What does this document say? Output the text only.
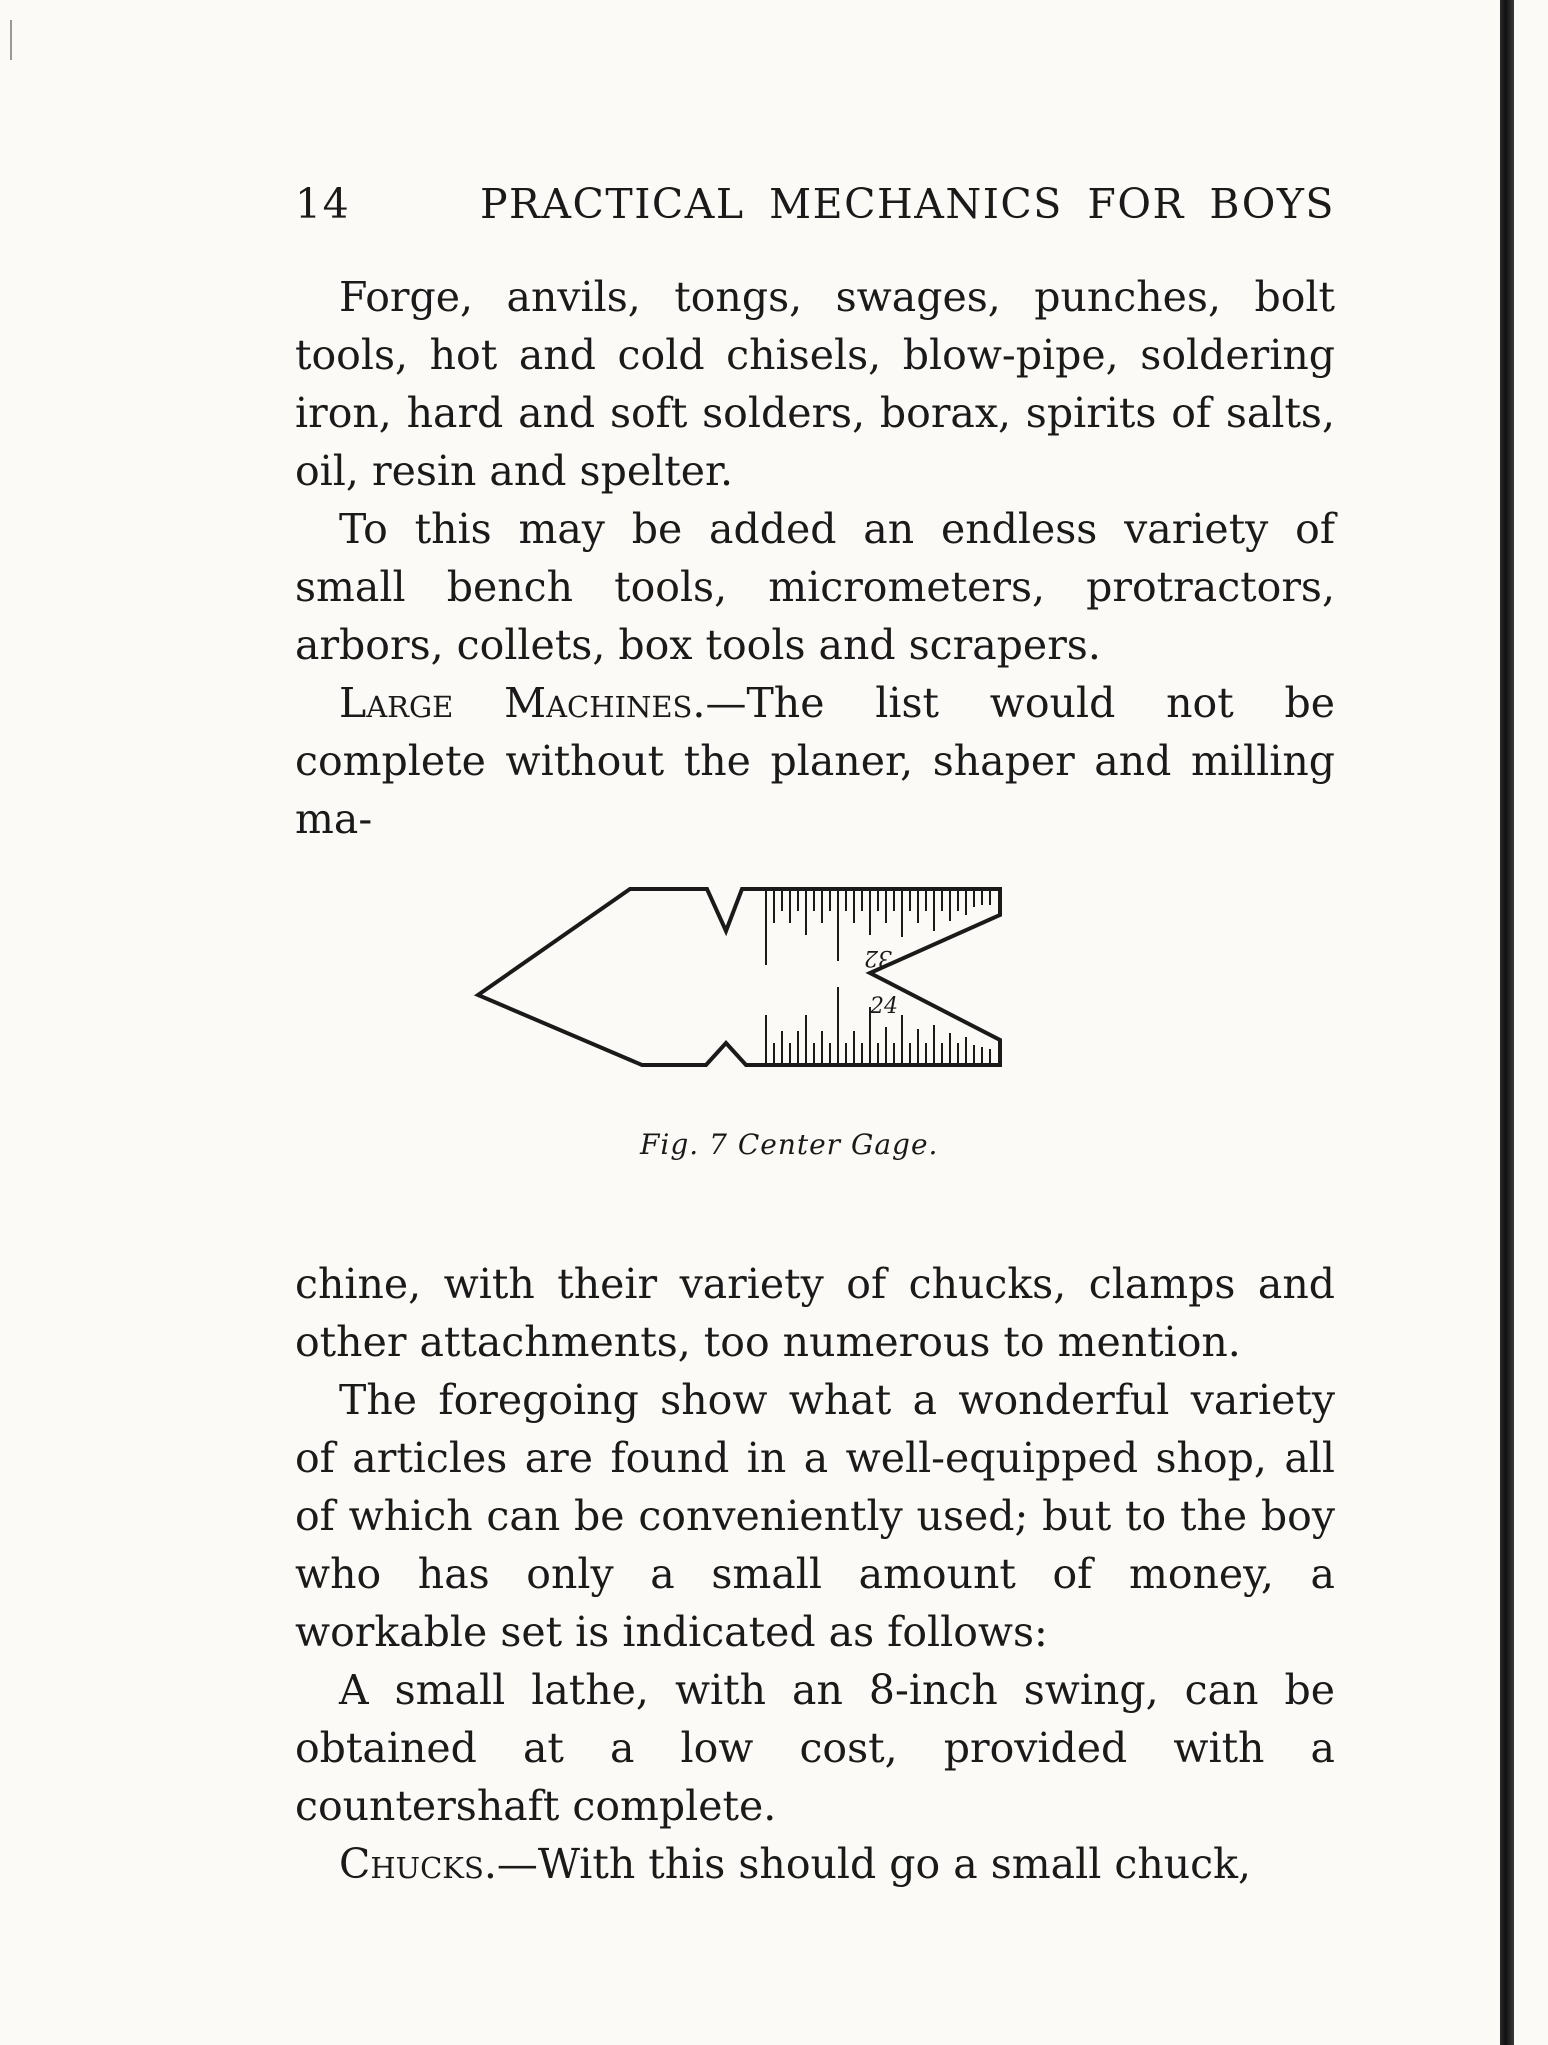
14	PRACTICAL MECHANICS FOR BOYS

Forge, anvils, tongs, swages, punches, bolt tools, hot and cold chisels, blow-pipe, soldering iron, hard and soft solders, borax, spirits of salts, oil, resin and spelter.

To this may be added an endless variety of small bench tools, micrometers, protractors, arbors, collets, box tools and scrapers.

Large Machines.—The list would not be complete without the planer, shaper and milling ma-

32
24
Fig. 7 Center Gage.

chine, with their variety of chucks, clamps and other attachments, too numerous to mention.

The foregoing show what a wonderful variety of articles are found in a well-equipped shop, all of which can be conveniently used; but to the boy who has only a small amount of money, a workable set is indicated as follows:

A small lathe, with an 8-inch swing, can be obtained at a low cost, provided with a countershaft complete.

Chucks.—With this should go a small chuck,
